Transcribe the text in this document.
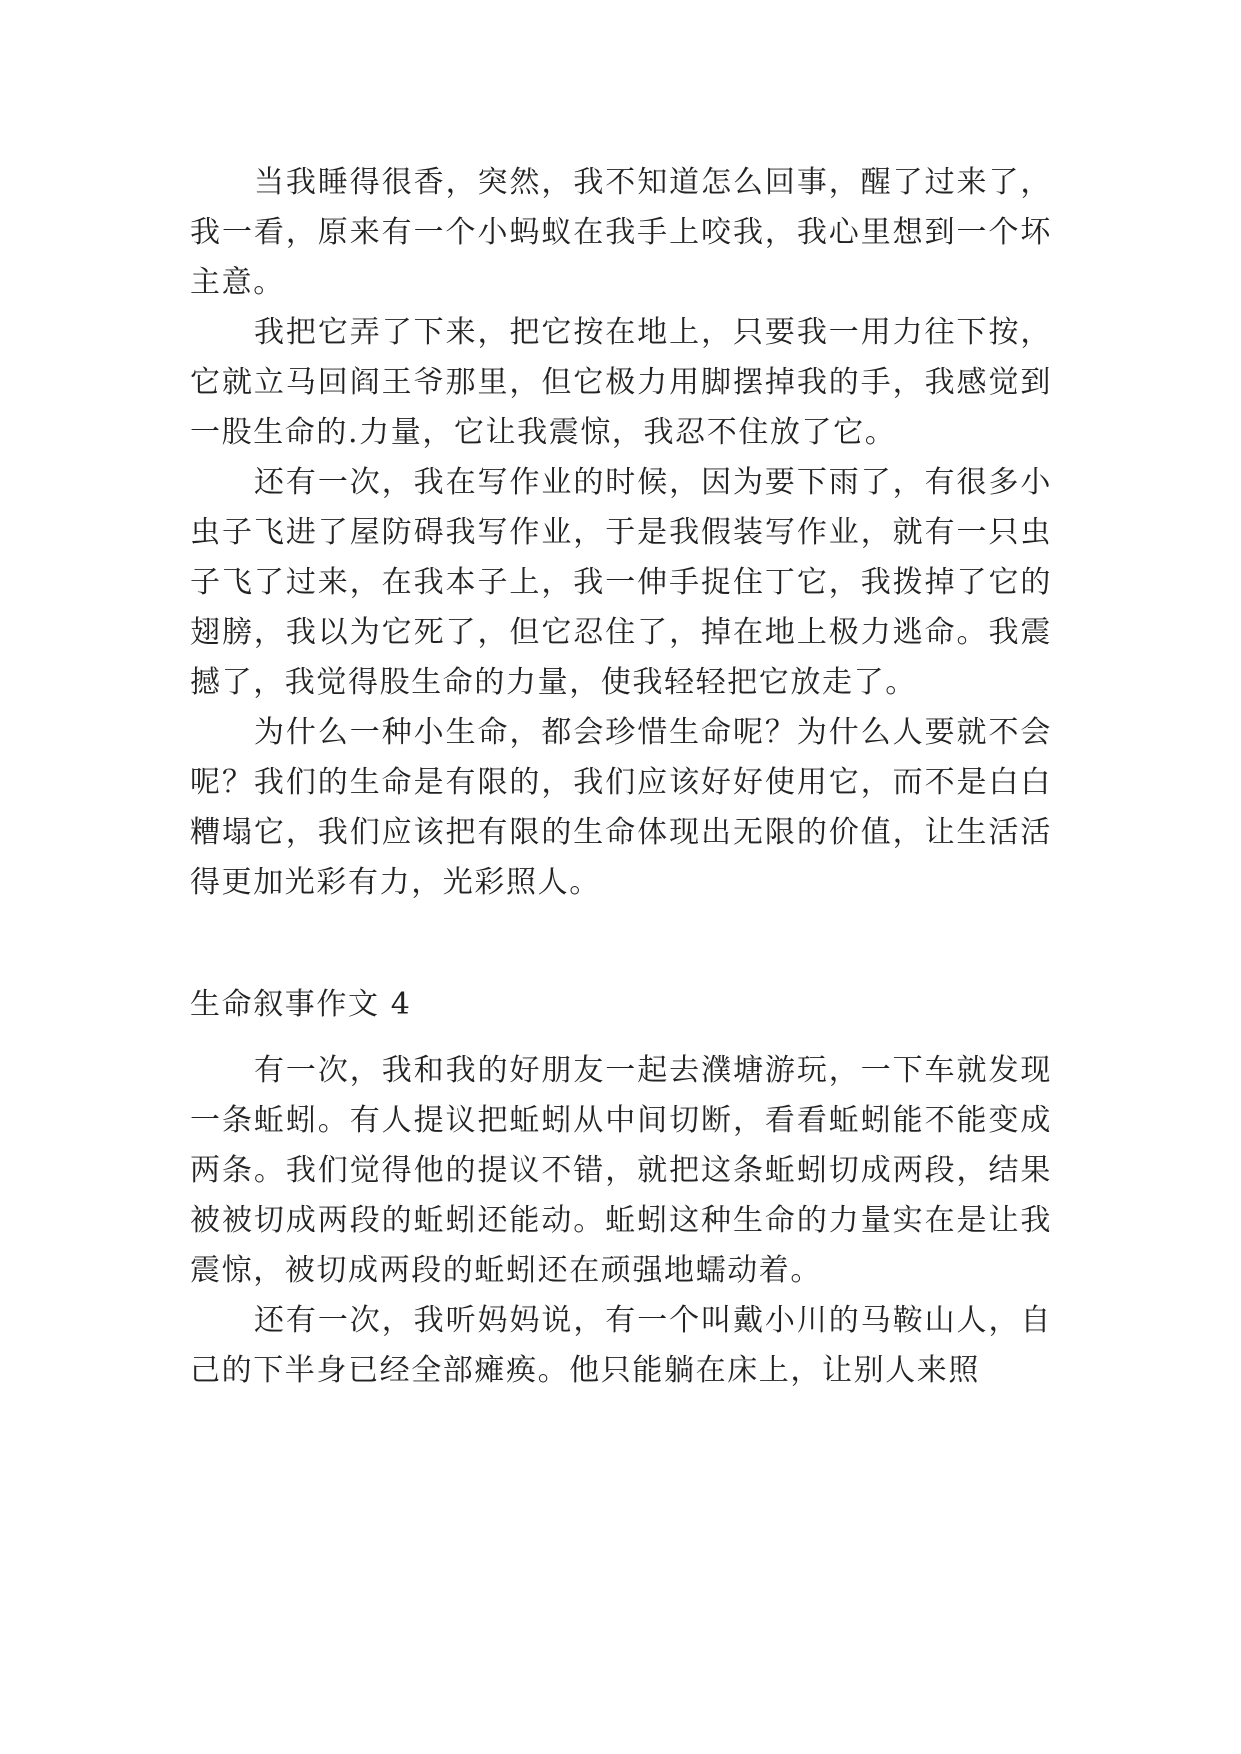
当我睡得很香，突然，我不知道怎么回事，醒了过来了，我一看，原来有一个小蚂蚁在我手上咬我，我心里想到一个坏主意。

我把它弄了下来，把它按在地上，只要我一用力往下按，它就立马回阎王爷那里，但它极力用脚摆掉我的手，我感觉到一股生命的.力量，它让我震惊，我忍不住放了它。

还有一次，我在写作业的时候，因为要下雨了，有很多小虫子飞进了屋防碍我写作业，于是我假装写作业，就有一只虫子飞了过来，在我本子上，我一伸手捉住丁它，我拨掉了它的翅膀，我以为它死了，但它忍住了，掉在地上极力逃命。我震撼了，我觉得股生命的力量，使我轻轻把它放走了。

为什么一种小生命，都会珍惜生命呢？为什么人要就不会呢？我们的生命是有限的，我们应该好好使用它，而不是白白糟塌它，我们应该把有限的生命体现出无限的价值，让生活活得更加光彩有力，光彩照人。

生命叙事作文 4

有一次，我和我的好朋友一起去濮塘游玩，一下车就发现一条蚯蚓。有人提议把蚯蚓从中间切断，看看蚯蚓能不能变成两条。我们觉得他的提议不错，就把这条蚯蚓切成两段，结果被被切成两段的蚯蚓还能动。蚯蚓这种生命的力量实在是让我震惊，被切成两段的蚯蚓还在顽强地蠕动着。

还有一次，我听妈妈说，有一个叫戴小川的马鞍山人，自己的下半身已经全部瘫痪。他只能躺在床上，让别人来照
